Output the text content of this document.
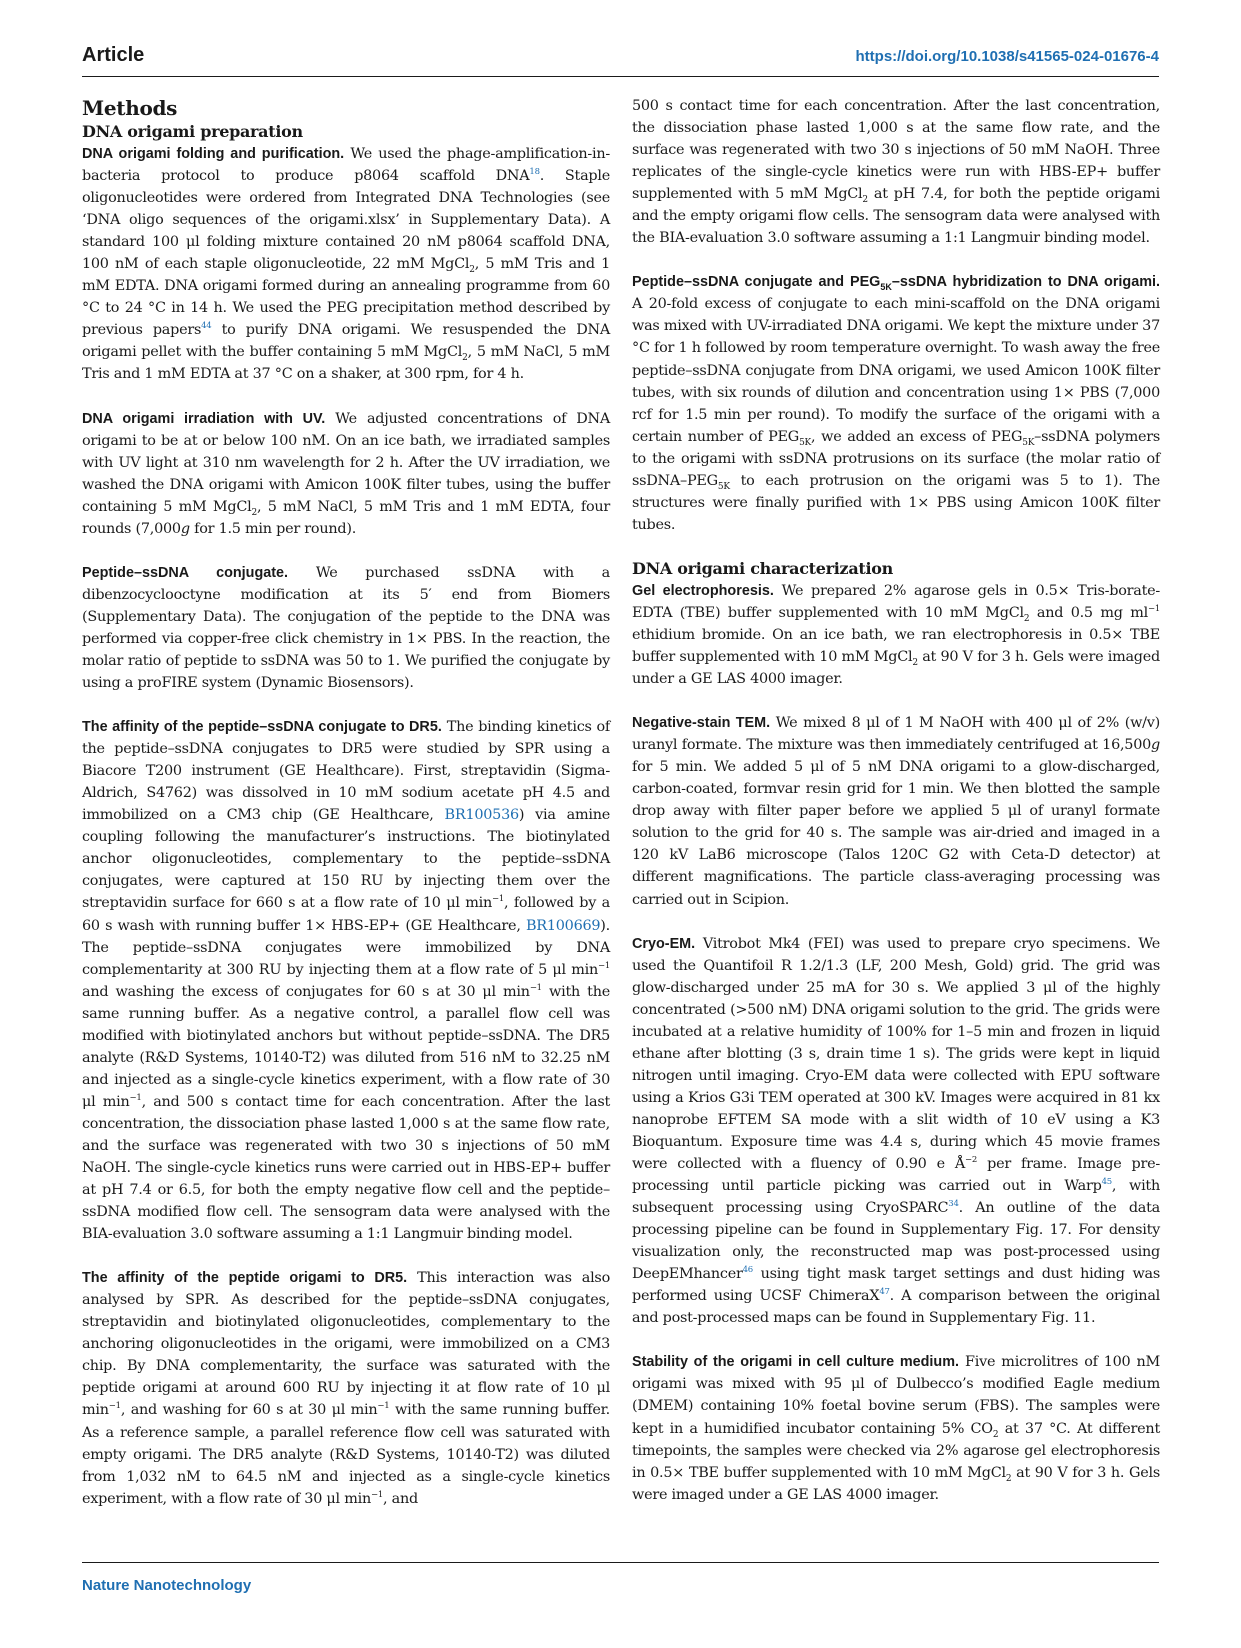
Article	https://doi.org/10.1038/s41565-024-01676-4

Methods

DNA origami preparation

DNA origami folding and purification. We used the phage-amplification-in-bacteria protocol to produce p8064 scaffold DNA$^{18}$. Staple oligonucleotides were ordered from Integrated DNA Technologies (see ‘DNA oligo sequences of the origami.xlsx’ in Supplementary Data). A standard 100 μl folding mixture contained 20 nM p8064 scaffold DNA, 100 nM of each staple oligonucleotide, 22 mM MgCl$_2$, 5 mM Tris and 1 mM EDTA. DNA origami formed during an annealing programme from 60 °C to 24 °C in 14 h. We used the PEG precipitation method described by previous papers$^{44}$ to purify DNA origami. We resuspended the DNA origami pellet with the buffer containing 5 mM MgCl$_2$, 5 mM NaCl, 5 mM Tris and 1 mM EDTA at 37 °C on a shaker, at 300 rpm, for 4 h.

DNA origami irradiation with UV. We adjusted concentrations of DNA origami to be at or below 100 nM. On an ice bath, we irradiated samples with UV light at 310 nm wavelength for 2 h. After the UV irradiation, we washed the DNA origami with Amicon 100K filter tubes, using the buffer containing 5 mM MgCl$_2$, 5 mM NaCl, 5 mM Tris and 1 mM EDTA, four rounds (7,000g for 1.5 min per round).

Peptide–ssDNA conjugate. We purchased ssDNA with a dibenzocyclooctyne modification at its 5′ end from Biomers (Supplementary Data). The conjugation of the peptide to the DNA was performed via copper-free click chemistry in 1× PBS. In the reaction, the molar ratio of peptide to ssDNA was 50 to 1. We purified the conjugate by using a proFIRE system (Dynamic Biosensors).

The affinity of the peptide–ssDNA conjugate to DR5. The binding kinetics of the peptide–ssDNA conjugates to DR5 were studied by SPR using a Biacore T200 instrument (GE Healthcare). First, streptavidin (Sigma-Aldrich, S4762) was dissolved in 10 mM sodium acetate pH 4.5 and immobilized on a CM3 chip (GE Healthcare, BR100536) via amine coupling following the manufacturer’s instructions. The biotinylated anchor oligonucleotides, complementary to the peptide–ssDNA conjugates, were captured at 150 RU by injecting them over the streptavidin surface for 660 s at a flow rate of 10 μl $\min^{-1}$, followed by a 60 s wash with running buffer 1× HBS-EP+ (GE Healthcare, BR100669). The peptide–ssDNA conjugates were immobilized by DNA complementarity at 300 RU by injecting them at a flow rate of 5 μl $\min^{-1}$ and washing the excess of conjugates for 60 s at 30 μl $\min^{-1}$ with the same running buffer. As a negative control, a parallel flow cell was modified with biotinylated anchors but without peptide–ssDNA. The DR5 analyte (R&D Systems, 10140-T2) was diluted from 516 nM to 32.25 nM and injected as a single-cycle kinetics experiment, with a flow rate of 30 μl $\min^{-1}$, and 500 s contact time for each concentration. After the last concentration, the dissociation phase lasted 1,000 s at the same flow rate, and the surface was regenerated with two 30 s injections of 50 mM NaOH. The single-cycle kinetics runs were carried out in HBS-EP+ buffer at pH 7.4 or 6.5, for both the empty negative flow cell and the peptide–ssDNA modified flow cell. The sensogram data were analysed with the BIA-evaluation 3.0 software assuming a 1:1 Langmuir binding model.

The affinity of the peptide origami to DR5. This interaction was also analysed by SPR. As described for the peptide–ssDNA conjugates, streptavidin and biotinylated oligonucleotides, complementary to the anchoring oligonucleotides in the origami, were immobilized on a CM3 chip. By DNA complementarity, the surface was saturated with the peptide origami at around 600 RU by injecting it at flow rate of 10 μl $\min^{-1}$, and washing for 60 s at 30 μl $\min^{-1}$ with the same running buffer. As a reference sample, a parallel reference flow cell was saturated with empty origami. The DR5 analyte (R&D Systems, 10140-T2) was diluted from 1,032 nM to 64.5 nM and injected as a single-cycle kinetics experiment, with a flow rate of 30 μl $\min^{-1}$, and

500 s contact time for each concentration. After the last concentration, the dissociation phase lasted 1,000 s at the same flow rate, and the surface was regenerated with two 30 s injections of 50 mM NaOH. Three replicates of the single-cycle kinetics were run with HBS-EP+ buffer supplemented with 5 mM MgCl$_2$ at pH 7.4, for both the peptide origami and the empty origami flow cells. The sensogram data were analysed with the BIA-evaluation 3.0 software assuming a 1:1 Langmuir binding model.

Peptide–ssDNA conjugate and $PEG_{5K}$–ssDNA hybridization to DNA origami. A 20-fold excess of conjugate to each mini-scaffold on the DNA origami was mixed with UV-irradiated DNA origami. We kept the mixture under 37 °C for 1 h followed by room temperature overnight. To wash away the free peptide–ssDNA conjugate from DNA origami, we used Amicon 100K filter tubes, with six rounds of dilution and concentration using 1× PBS (7,000 rcf for 1.5 min per round). To modify the surface of the origami with a certain number of $PEG_{5K}$, we added an excess of $PEG_{5K}$–ssDNA polymers to the origami with ssDNA protrusions on its surface (the molar ratio of ssDNA–$PEG_{5K}$ to each protrusion on the origami was 5 to 1). The structures were finally purified with 1× PBS using Amicon 100K filter tubes.

DNA origami characterization

Gel electrophoresis. We prepared 2% agarose gels in 0.5× Tris-borate-EDTA (TBE) buffer supplemented with 10 mM MgCl$_2$ and 0.5 mg $ml^{-1}$ ethidium bromide. On an ice bath, we ran electrophoresis in 0.5× TBE buffer supplemented with 10 mM MgCl$_2$ at 90 V for 3 h. Gels were imaged under a GE LAS 4000 imager.

Negative-stain TEM. We mixed 8 μl of 1 M NaOH with 400 μl of 2% (w/v) uranyl formate. The mixture was then immediately centrifuged at 16,500g for 5 min. We added 5 μl of 5 nM DNA origami to a glow-discharged, carbon-coated, formvar resin grid for 1 min. We then blotted the sample drop away with filter paper before we applied 5 μl of uranyl formate solution to the grid for 40 s. The sample was air-dried and imaged in a 120 kV LaB6 microscope (Talos 120C G2 with Ceta-D detector) at different magnifications. The particle class-averaging processing was carried out in Scipion.

Cryo-EM. Vitrobot Mk4 (FEI) was used to prepare cryo specimens. We used the Quantifoil R 1.2/1.3 (LF, 200 Mesh, Gold) grid. The grid was glow-discharged under 25 mA for 30 s. We applied 3 μl of the highly concentrated (>500 nM) DNA origami solution to the grid. The grids were incubated at a relative humidity of 100% for 1–5 min and frozen in liquid ethane after blotting (3 s, drain time 1 s). The grids were kept in liquid nitrogen until imaging. Cryo-EM data were collected with EPU software using a Krios G3i TEM operated at 300 kV. Images were acquired in 81 kx nanoprobe EFTEM SA mode with a slit width of 10 eV using a K3 Bioquantum. Exposure time was 4.4 s, during which 45 movie frames were collected with a fluency of 0.90 e $Å^{-2}$ per frame. Image pre-processing until particle picking was carried out in Warp$^{45}$, with subsequent processing using CryoSPARC$^{34}$. An outline of the data processing pipeline can be found in Supplementary Fig. 17. For density visualization only, the reconstructed map was post-processed using DeepEMhancer$^{46}$ using tight mask target settings and dust hiding was performed using UCSF ChimeraX$^{47}$. A comparison between the original and post-processed maps can be found in Supplementary Fig. 11.

Stability of the origami in cell culture medium. Five microlitres of 100 nM origami was mixed with 95 μl of Dulbecco’s modified Eagle medium (DMEM) containing 10% foetal bovine serum (FBS). The samples were kept in a humidified incubator containing 5% $CO_2$ at 37 °C. At different timepoints, the samples were checked via 2% agarose gel electrophoresis in 0.5× TBE buffer supplemented with 10 mM MgCl$_2$ at 90 V for 3 h. Gels were imaged under a GE LAS 4000 imager.

Nature Nanotechnology
